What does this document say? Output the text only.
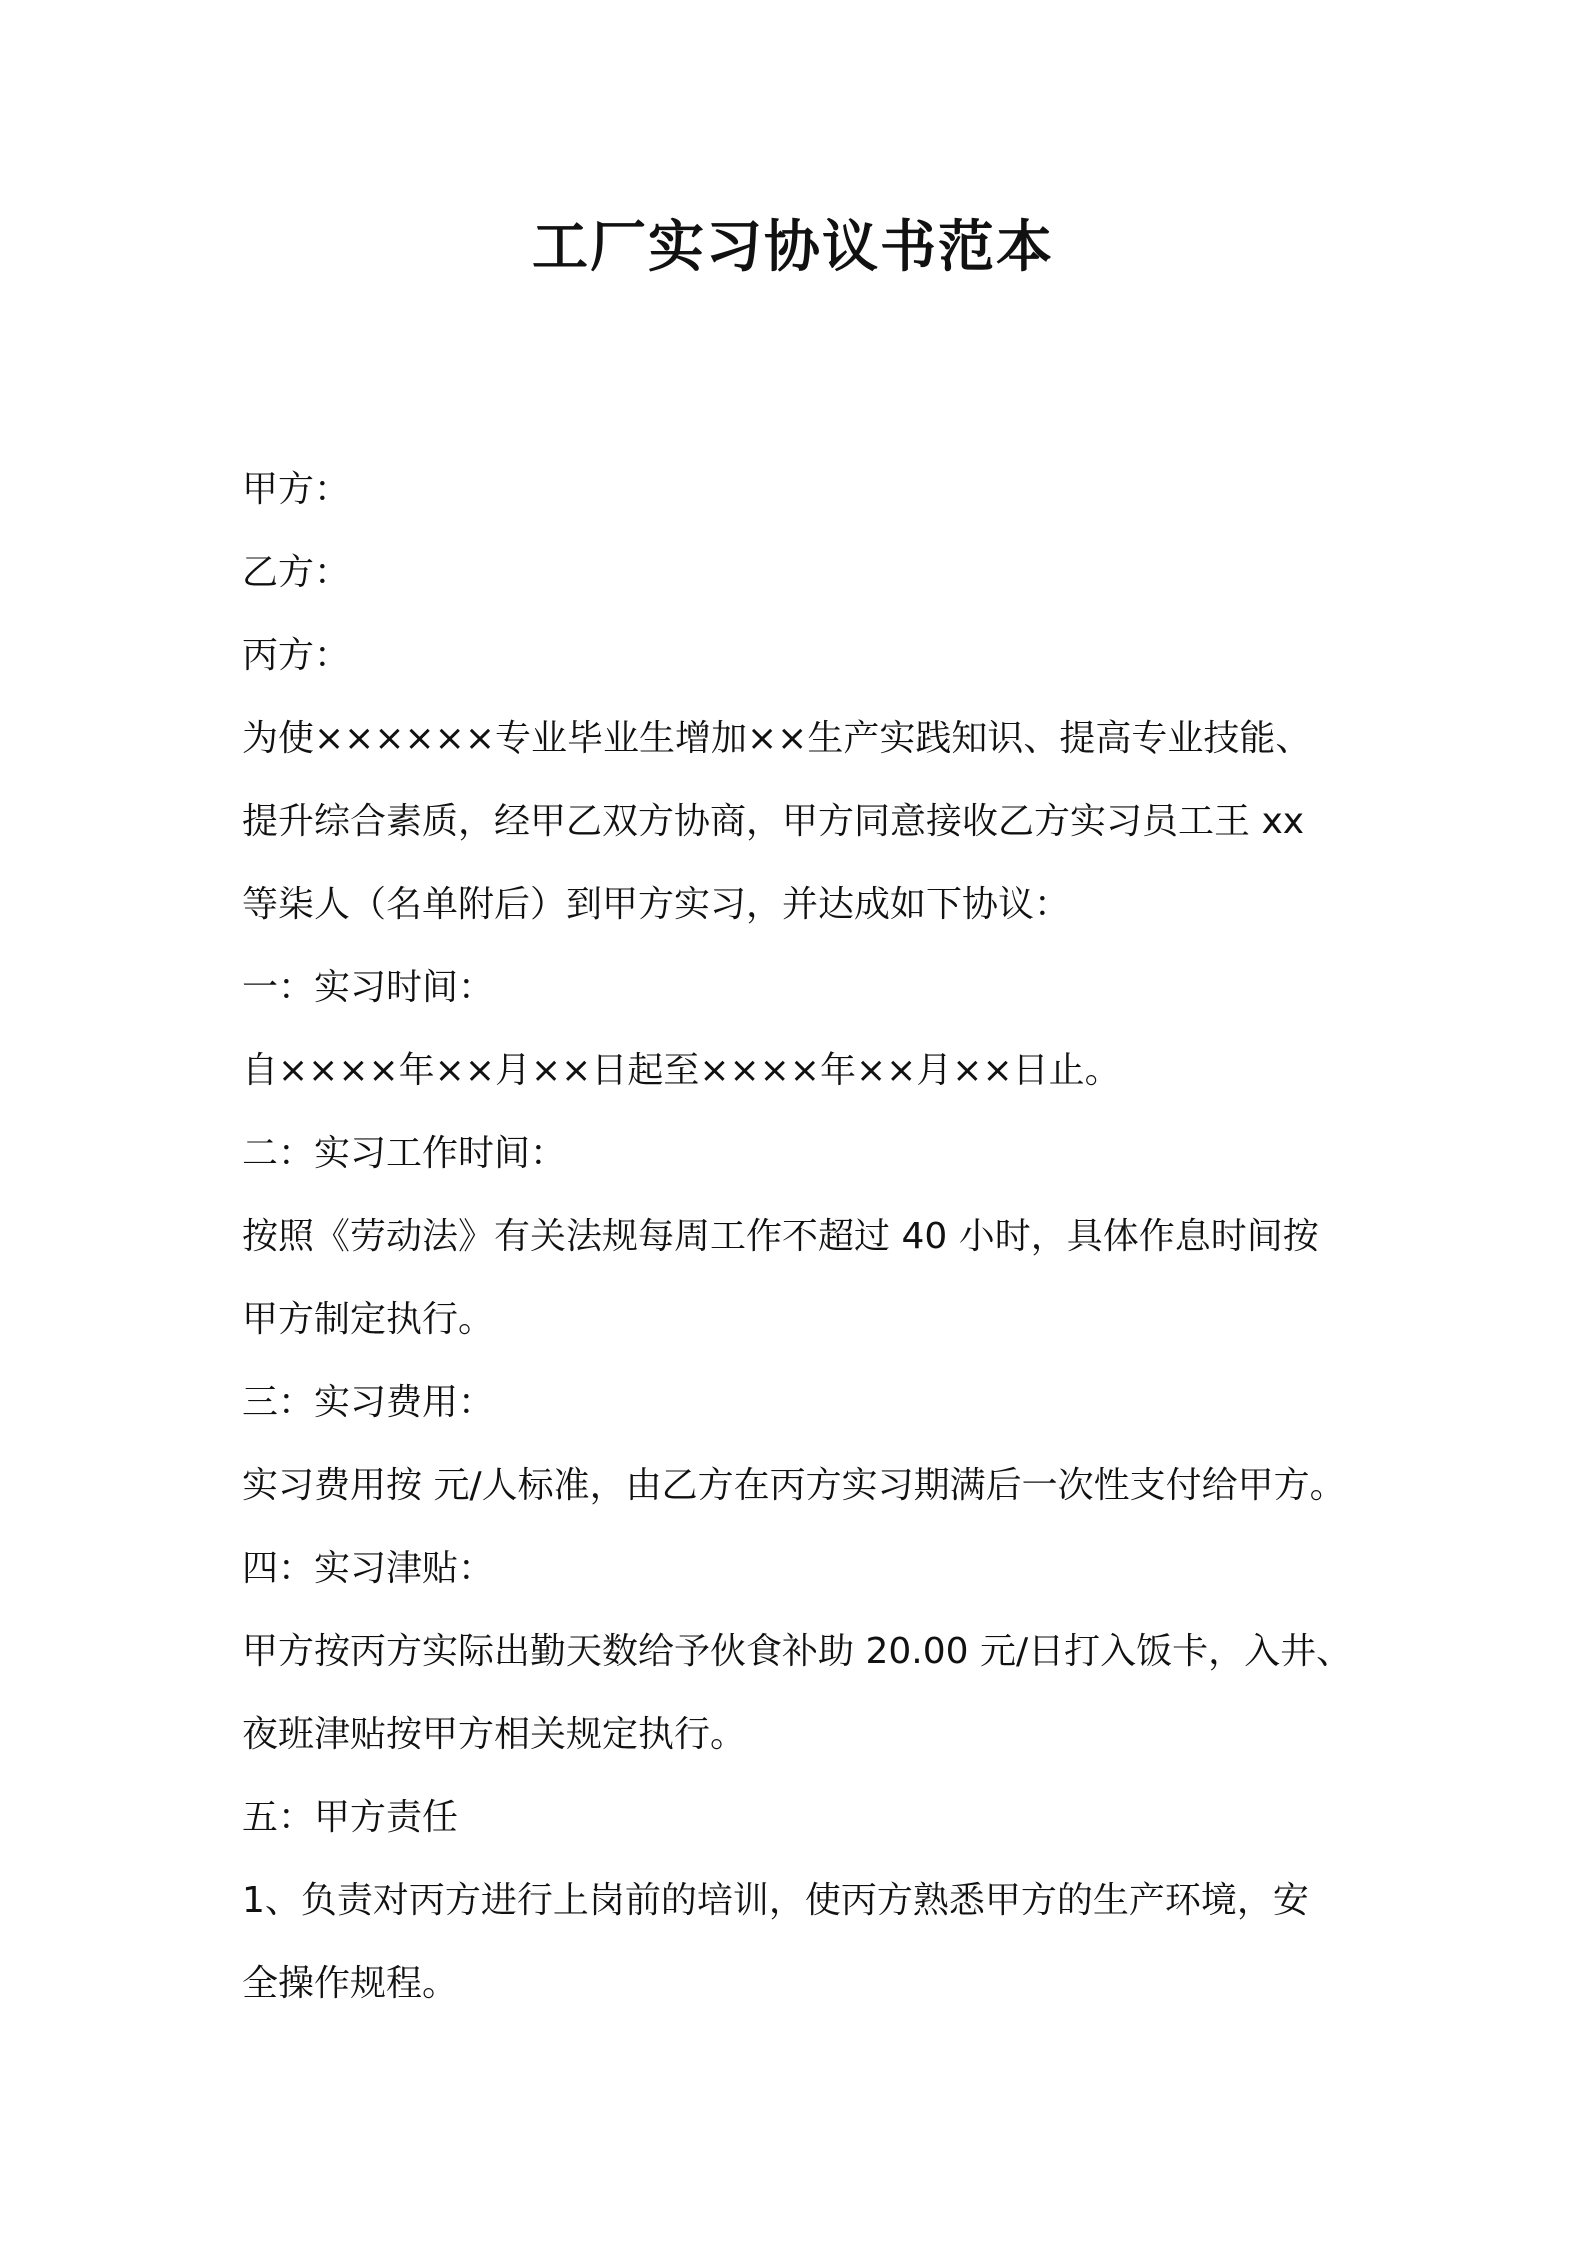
工厂实习协议书范本
甲方：
乙方：
丙方：
为使××××××专业毕业生增加××生产实践知识、提高专业技能、
提升综合素质，经甲乙双方协商，甲方同意接收乙方实习员工王 xx
等柒人（名单附后）到甲方实习，并达成如下协议：
一：实习时间：
自××××年××月××日起至××××年××月××日止。
二：实习工作时间：
按照《劳动法》有关法规每周工作不超过 40 小时，具体作息时间按
甲方制定执行。
三：实习费用：
实习费用按 元/人标准，由乙方在丙方实习期满后一次性支付给甲方。
四：实习津贴：
甲方按丙方实际出勤天数给予伙食补助 20.00 元/日打入饭卡，入井、
夜班津贴按甲方相关规定执行。
五：甲方责任
1、负责对丙方进行上岗前的培训，使丙方熟悉甲方的生产环境，安
全操作规程。
